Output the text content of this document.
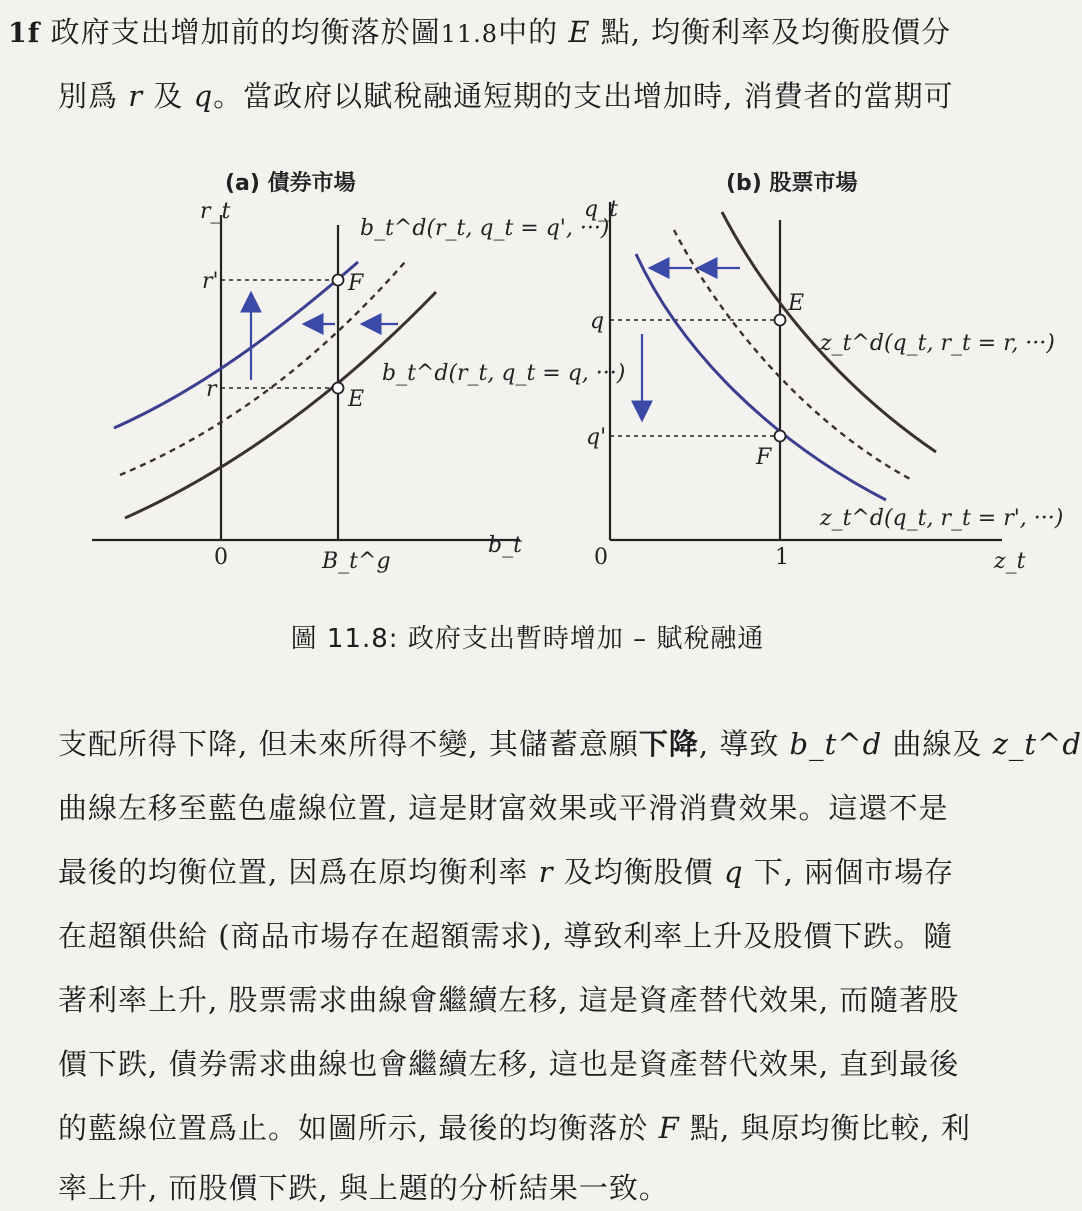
1f 政府支出增加前的均衡落於圖11.8中的 E 點, 均衡利率及均衡股價分
別爲 r 及 q。當政府以賦稅融通短期的支出增加時, 消費者的當期可
(a) 債券市場
r_t
b_t
0	B_t^g
r'
r
F
E
b_t^d(r_t, q_t = q', ···)
b_t^d(r_t, q_t = q, ···)
(b) 股票市場
q_t
z_t
0	1
q
q'
E
F
z_t^d(q_t, r_t = r, ···)
z_t^d(q_t, r_t = r', ···)
圖 11.8: 政府支出暫時增加 – 賦稅融通
支配所得下降, 但未來所得不變, 其儲蓄意願下降, 導致 b_t^d 曲線及 z_t^d
曲線左移至藍色虛線位置, 這是財富效果或平滑消費效果。這還不是
最後的均衡位置, 因爲在原均衡利率 r 及均衡股價 q 下, 兩個市場存
在超額供給 (商品市場存在超額需求), 導致利率上升及股價下跌。隨
著利率上升, 股票需求曲線會繼續左移, 這是資產替代效果, 而隨著股
價下跌, 債券需求曲線也會繼續左移, 這也是資產替代效果, 直到最後
的藍線位置爲止。如圖所示, 最後的均衡落於 F 點, 與原均衡比較, 利
率上升, 而股價下跌, 與上題的分析結果一致。
